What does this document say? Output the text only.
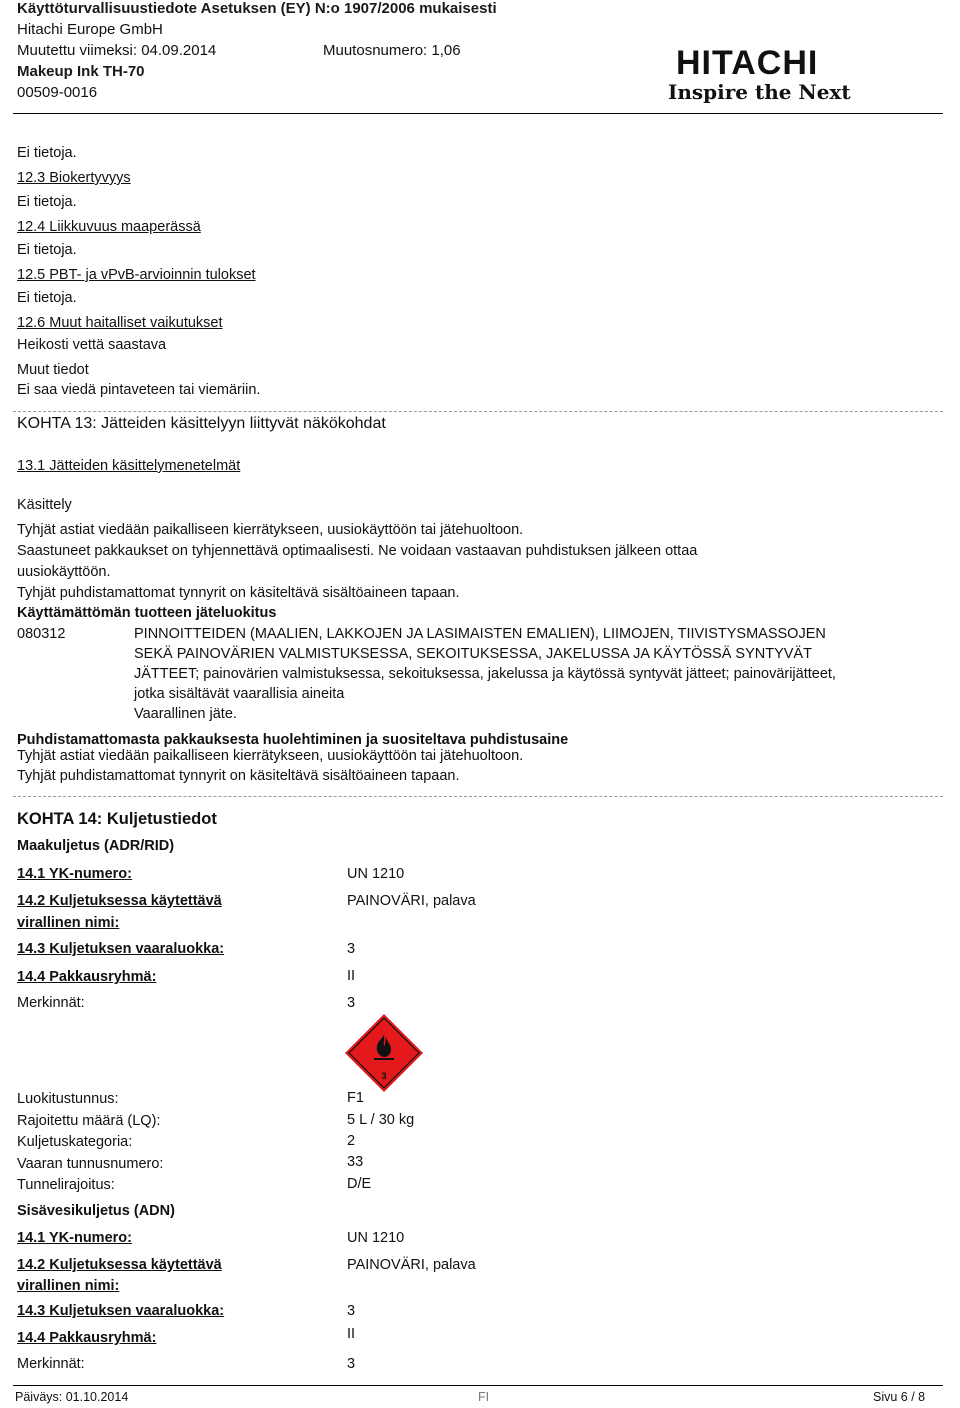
Käyttöturvallisuustiedote Asetuksen (EY) N:o 1907/2006 mukaisesti
Hitachi Europe GmbH
Muutettu viimeksi: 04.09.2014	Muutosnumero: 1,06
Makeup Ink TH-70
00509-0016
HITACHI
Inspire the Next
Ei tietoja.
12.3 Biokertyvyys
Ei tietoja.
12.4 Liikkuvuus maaperässä
Ei tietoja.
12.5 PBT- ja vPvB-arvioinnin tulokset
Ei tietoja.
12.6 Muut haitalliset vaikutukset
Heikosti vettä saastava
Muut tiedot
Ei saa viedä pintaveteen tai viemäriin.
KOHTA 13: Jätteiden käsittelyyn liittyvät näkökohdat
13.1 Jätteiden käsittelymenetelmät
Käsittely
Tyhjät astiat viedään paikalliseen kierrätykseen, uusiokäyttöön tai jätehuoltoon.
Saastuneet pakkaukset on tyhjennettävä optimaalisesti. Ne voidaan vastaavan puhdistuksen jälkeen ottaa
uusiokäyttöön.
Tyhjät puhdistamattomat tynnyrit on käsiteltävä sisältöaineen tapaan.
Käyttämättömän tuotteen jäteluokitus
080312	PINNOITTEIDEN (MAALIEN, LAKKOJEN JA LASIMAISTEN EMALIEN), LIIMOJEN, TIIVISTYSMASSOJEN
SEKÄ PAINOVÄRIEN VALMISTUKSESSA, SEKOITUKSESSA, JAKELUSSA JA KÄYTÖSSÄ SYNTYVÄT
JÄTTEET; painovärien valmistuksessa, sekoituksessa, jakelussa ja käytössä syntyvät jätteet; painovärijätteet,
jotka sisältävät vaarallisia aineita
Vaarallinen jäte.
Puhdistamattomasta pakkauksesta huolehtiminen ja suositeltava puhdistusaine
Tyhjät astiat viedään paikalliseen kierrätykseen, uusiokäyttöön tai jätehuoltoon.
Tyhjät puhdistamattomat tynnyrit on käsiteltävä sisältöaineen tapaan.
KOHTA 14: Kuljetustiedot
Maakuljetus (ADR/RID)
14.1 YK-numero:	UN 1210
14.2 Kuljetuksessa käytettävä
virallinen nimi:
PAINOVÄRI, palava
14.3 Kuljetuksen vaaraluokka:	3
14.4 Pakkausryhmä:	II
Merkinnät:	3
3
Luokitustunnus:	F1
Rajoitettu määrä (LQ):	5 L / 30 kg
Kuljetuskategoria:	2
Vaaran tunnusnumero:	33
Tunnelirajoitus:	D/E
Sisävesikuljetus (ADN)
14.1 YK-numero:	UN 1210
14.2 Kuljetuksessa käytettävä
virallinen nimi:
PAINOVÄRI, palava
14.3 Kuljetuksen vaaraluokka:	3
14.4 Pakkausryhmä:	II
Merkinnät:	3
Päiväys: 01.10.2014	FI	Sivu 6 / 8
